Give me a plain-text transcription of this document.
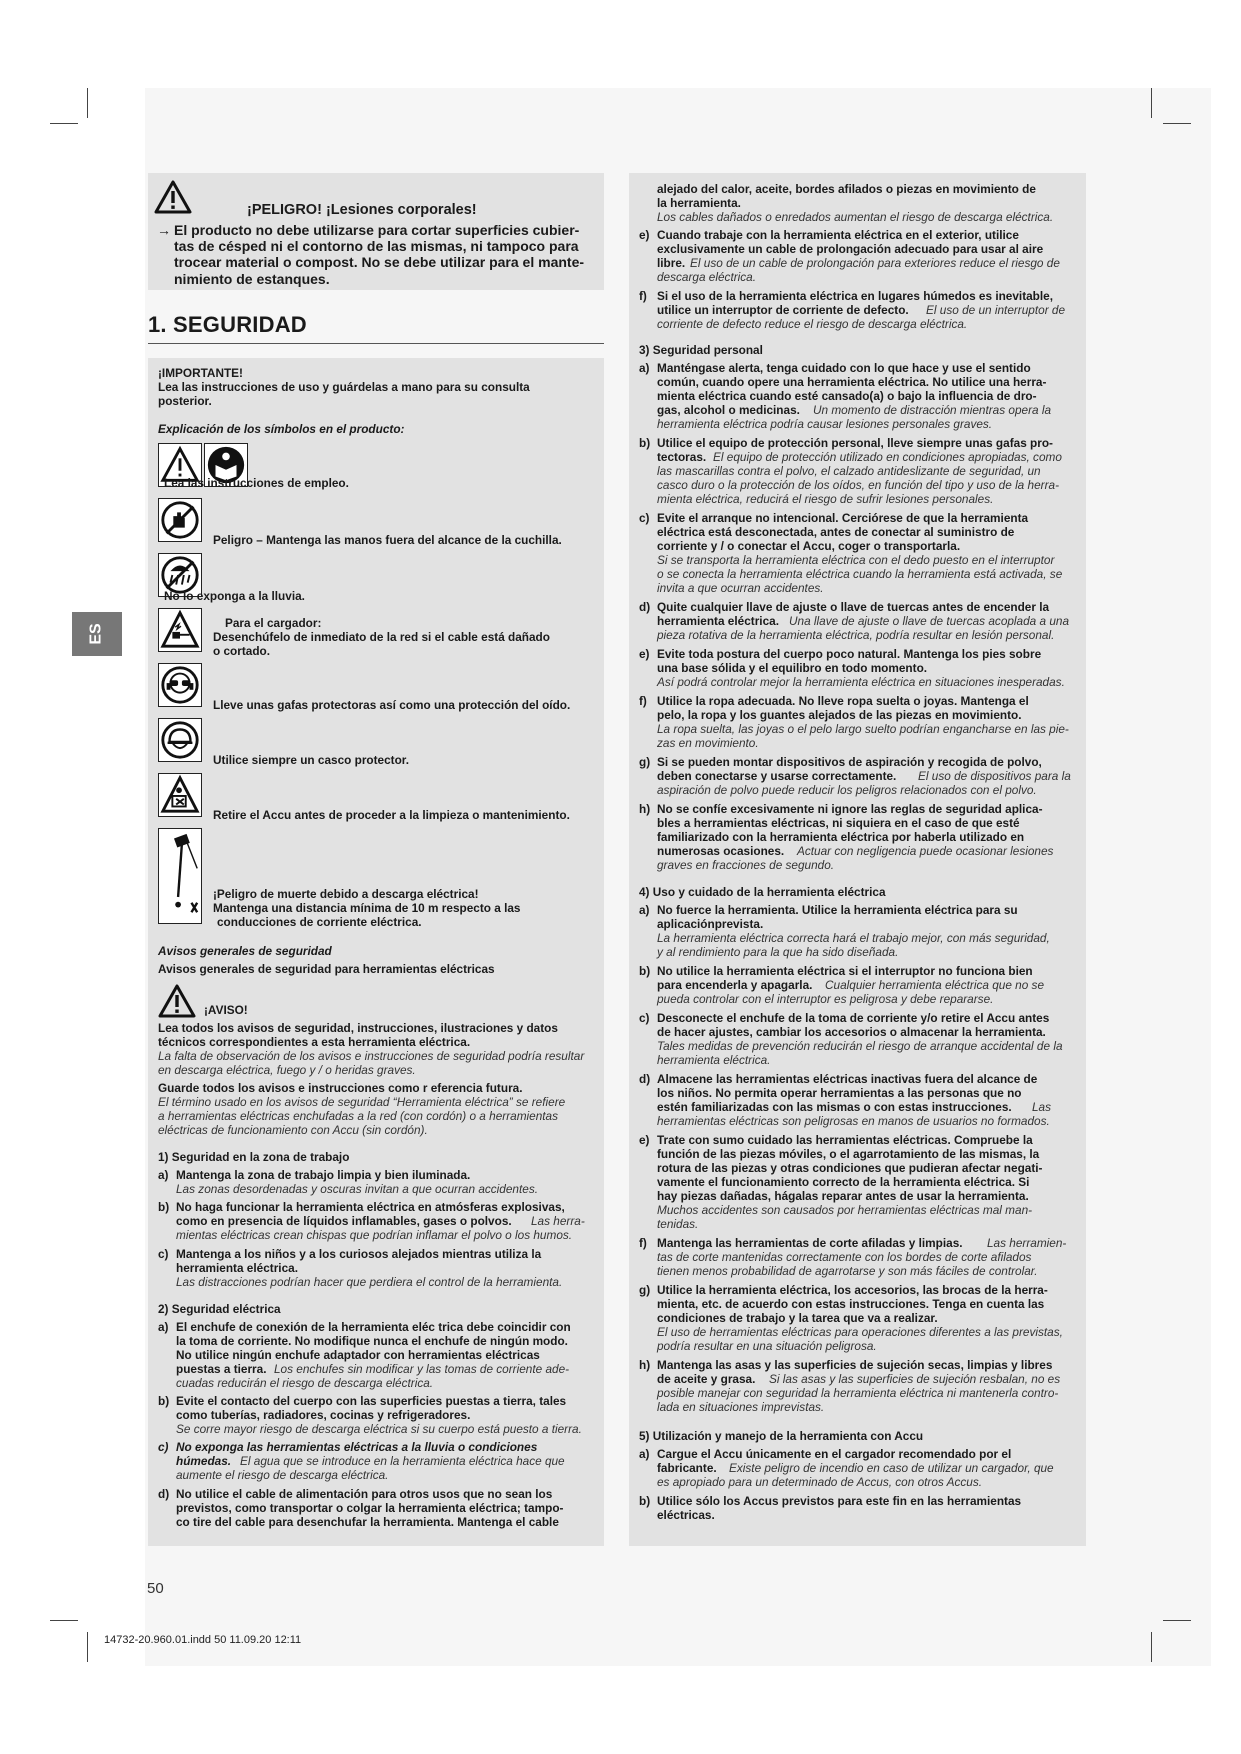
¡PELIGRO! ¡Lesiones corporales!
→ El producto no debe utilizarse para cortar superficies cubier-
tas de césped ni el contorno de las mismas, ni tampoco para
trocear material o compost. No se debe utilizar para el mante-
nimiento de estanques.
1. SEGURIDAD
ES
¡IMPORTANTE!
Lea las instrucciones de uso y guárdelas a mano para su consulta
posterior.
Explicación de los símbolos en el producto:
Lea las instrucciones de empleo.
Peligro – Mantenga las manos fuera del alcance de la cuchilla.
No lo exponga a la lluvia.
Para el cargador:
Desenchúfelo de inmediato de la red si el cable está dañado
o cortado.
Lleve unas gafas protectoras así como una protección del oído.
Utilice siempre un casco protector.
Retire el Accu antes de proceder a la limpieza o mantenimiento.
¡Peligro de muerte debido a descarga eléctrica!
Mantenga una distancia mínima de 10 m respecto a las
conducciones de corriente eléctrica.
Avisos generales de seguridad
Avisos generales de seguridad para herramientas eléctricas
¡AVISO!
Lea todos los avisos de seguridad, instrucciones, ilustraciones y datos
técnicos correspondientes a esta herramienta eléctrica.
La falta de observación de los avisos e instrucciones de seguridad podría resultar
en descarga eléctrica, fuego y / o heridas graves.
Guarde todos los avisos e instrucciones como r eferencia futura.
El término usado en los avisos de seguridad “Herramienta eléctrica” se refiere
a herramientas eléctricas enchufadas a la red (con cordón) o a herramientas
eléctricas de funcionamiento con Accu (sin cordón).
1) Seguridad en la zona de trabajo
a) Mantenga la zona de trabajo limpia y bien iluminada.
Las zonas desordenadas y oscuras invitan a que ocurran accidentes.
b) No haga funcionar la herramienta eléctrica en atmósferas explosivas,
como en presencia de líquidos inflamables, gases o polvos. Las herra-
mientas eléctricas crean chispas que podrían inflamar el polvo o los humos.
c) Mantenga a los niños y a los curiosos alejados mientras utiliza la
herramienta eléctrica.
Las distracciones podrían hacer que perdiera el control de la herramienta.
2) Seguridad eléctrica
a) El enchufe de conexión de la herramienta eléc trica debe coincidir con
la toma de corriente. No modifique nunca el enchufe de ningún modo.
No utilice ningún enchufe adaptador con herramientas eléctricas
puestas a tierra. Los enchufes sin modificar y las tomas de corriente ade-
cuadas reducirán el riesgo de descarga eléctrica.
b) Evite el contacto del cuerpo con las superficies puestas a tierra, tales
como tuberías, radiadores, cocinas y refrigeradores.
Se corre mayor riesgo de descarga eléctrica si su cuerpo está puesto a tierra.
c) No exponga las herramientas eléctricas a la lluvia o condiciones
húmedas. El agua que se introduce en la herramienta eléctrica hace que
aumente el riesgo de descarga eléctrica.
d) No utilice el cable de alimentación para otros usos que no sean los
previstos, como transportar o colgar la herramienta eléctrica; tampo-
co tire del cable para desenchufar la herramienta. Mantenga el cable
alejado del calor, aceite, bordes afilados o piezas en movimiento de
la herramienta.
Los cables dañados o enredados aumentan el riesgo de descarga eléctrica.
e) Cuando trabaje con la herramienta eléctrica en el exterior, utilice
exclusivamente un cable de prolongación adecuado para usar al aire
libre. El uso de un cable de prolongación para exteriores reduce el riesgo de
descarga eléctrica.
f) Si el uso de la herramienta eléctrica en lugares húmedos es inevitable,
utilice un interruptor de corriente de defecto. El uso de un interruptor de
corriente de defecto reduce el riesgo de descarga eléctrica.
3) Seguridad personal
a) Manténgase alerta, tenga cuidado con lo que hace y use el sentido
común, cuando opere una herramienta eléctrica. No utilice una herra-
mienta eléctrica cuando esté cansado(a) o bajo la influencia de dro-
gas, alcohol o medicinas. Un momento de distracción mientras opera la
herramienta eléctrica podría causar lesiones personales graves.
b) Utilice el equipo de protección personal, lleve siempre unas gafas pro-
tectoras. El equipo de protección utilizado en condiciones apropiadas, como
las mascarillas contra el polvo, el calzado antideslizante de seguridad, un
casco duro o la protección de los oídos, en función del tipo y uso de la herra-
mienta eléctrica, reducirá el riesgo de sufrir lesiones personales.
c) Evite el arranque no intencional. Cerciórese de que la herramienta
eléctrica está desconectada, antes de conectar al suministro de
corriente y / o conectar el Accu, coger o transportarla.
Si se transporta la herramienta eléctrica con el dedo puesto en el interruptor
o se conecta la herramienta eléctrica cuando la herramienta está activada, se
invita a que ocurran accidentes.
d) Quite cualquier llave de ajuste o llave de tuercas antes de encender la
herramienta eléctrica. Una llave de ajuste o llave de tuercas acoplada a una
pieza rotativa de la herramienta eléctrica, podría resultar en lesión personal.
e) Evite toda postura del cuerpo poco natural. Mantenga los pies sobre
una base sólida y el equilibro en todo momento.
Así podrá controlar mejor la herramienta eléctrica en situaciones inesperadas.
f) Utilice la ropa adecuada. No lleve ropa suelta o joyas. Mantenga el
pelo, la ropa y los guantes alejados de las piezas en movimiento.
La ropa suelta, las joyas o el pelo largo suelto podrían engancharse en las pie-
zas en movimiento.
g) Si se pueden montar dispositivos de aspiración y recogida de polvo,
deben conectarse y usarse correctamente. El uso de dispositivos para la
aspiración de polvo puede reducir los peligros relacionados con el polvo.
h) No se confíe excesivamente ni ignore las reglas de seguridad aplica-
bles a herramientas eléctricas, ni siquiera en el caso de que esté
familiarizado con la herramienta eléctrica por haberla utilizado en
numerosas ocasiones. Actuar con negligencia puede ocasionar lesiones
graves en fracciones de segundo.
4) Uso y cuidado de la herramienta eléctrica
a) No fuerce la herramienta. Utilice la herramienta eléctrica para su
aplicaciónprevista.
La herramienta eléctrica correcta hará el trabajo mejor, con más seguridad,
y al rendimiento para la que ha sido diseñada.
b) No utilice la herramienta eléctrica si el interruptor no funciona bien
para encenderla y apagarla. Cualquier herramienta eléctrica que no se
pueda controlar con el interruptor es peligrosa y debe repararse.
c) Desconecte el enchufe de la toma de corriente y/o retire el Accu antes
de hacer ajustes, cambiar los accesorios o almacenar la herramienta.
Tales medidas de prevención reducirán el riesgo de arranque accidental de la
herramienta eléctrica.
d) Almacene las herramientas eléctricas inactivas fuera del alcance de
los niños. No permita operar herramientas a las personas que no
estén familiarizadas con las mismas o con estas instrucciones. Las
herramientas eléctricas son peligrosas en manos de usuarios no formados.
e) Trate con sumo cuidado las herramientas eléctricas. Compruebe la
función de las piezas móviles, o el agarrotamiento de las mismas, la
rotura de las piezas y otras condiciones que pudieran afectar negati-
vamente el funcionamiento correcto de la herramienta eléctrica. Si
hay piezas dañadas, hágalas reparar antes de usar la herramienta.
Muchos accidentes son causados por herramientas eléctricas mal man-
tenidas.
f) Mantenga las herramientas de corte afiladas y limpias. Las herramien-
tas de corte mantenidas correctamente con los bordes de corte afilados
tienen menos probabilidad de agarrotarse y son más fáciles de controlar.
g) Utilice la herramienta eléctrica, los accesorios, las brocas de la herra-
mienta, etc. de acuerdo con estas instrucciones. Tenga en cuenta las
condiciones de trabajo y la tarea que va a realizar.
El uso de herramientas eléctricas para operaciones diferentes a las previstas,
podría resultar en una situación peligrosa.
h) Mantenga las asas y las superficies de sujeción secas, limpias y libres
de aceite y grasa. Si las asas y las superficies de sujeción resbalan, no es
posible manejar con seguridad la herramienta eléctrica ni mantenerla contro-
lada en situaciones imprevistas.
5) Utilización y manejo de la herramienta con Accu
a) Cargue el Accu únicamente en el cargador recomendado por el
fabricante. Existe peligro de incendio en caso de utilizar un cargador, que
es apropiado para un determinado de Accus, con otros Accus.
b) Utilice sólo los Accus previstos para este fin en las herramientas
eléctricas.
50
14732-20.960.01.indd 50 11.09.20 12:11
